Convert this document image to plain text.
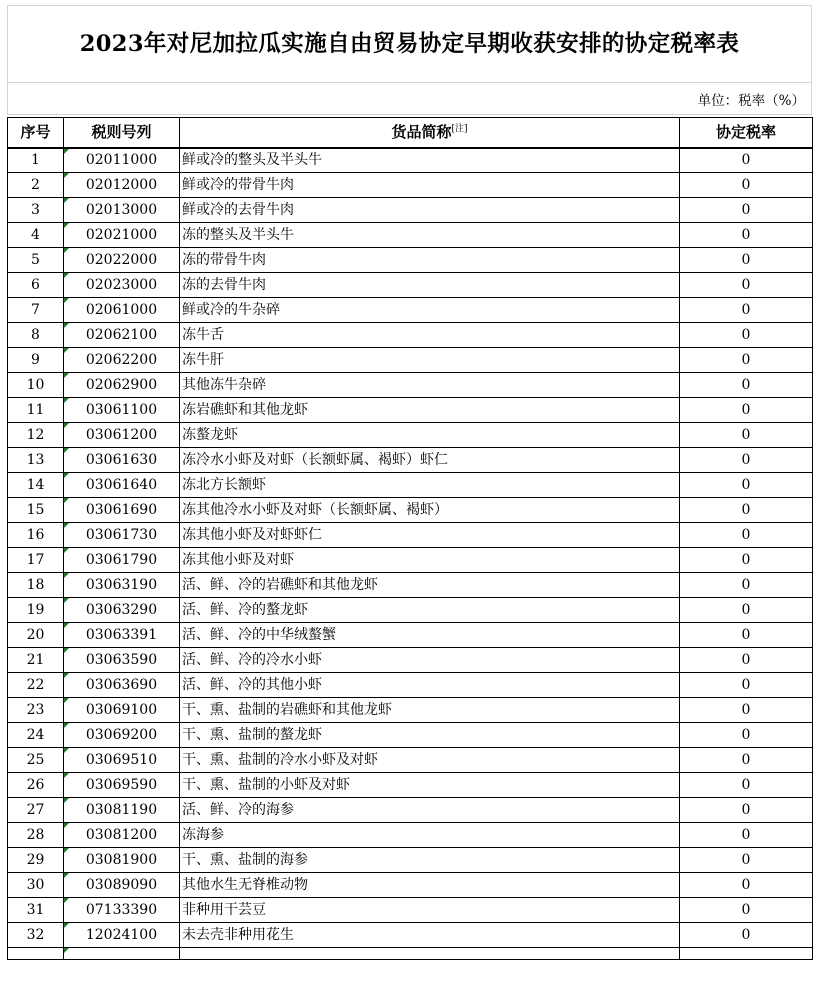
2023年对尼加拉瓜实施自由贸易协定早期收获安排的协定税率表
单位：税率（%）
序号	税则号列	货品简称[注]	协定税率
1	02011000	鲜或冷的整头及半头牛	0
2	02012000	鲜或冷的带骨牛肉	0
3	02013000	鲜或冷的去骨牛肉	0
4	02021000	冻的整头及半头牛	0
5	02022000	冻的带骨牛肉	0
6	02023000	冻的去骨牛肉	0
7	02061000	鲜或冷的牛杂碎	0
8	02062100	冻牛舌	0
9	02062200	冻牛肝	0
10	02062900	其他冻牛杂碎	0
11	03061100	冻岩礁虾和其他龙虾	0
12	03061200	冻螯龙虾	0
13	03061630	冻冷水小虾及对虾（长额虾属、褐虾）虾仁	0
14	03061640	冻北方长额虾	0
15	03061690	冻其他冷水小虾及对虾（长额虾属、褐虾）	0
16	03061730	冻其他小虾及对虾虾仁	0
17	03061790	冻其他小虾及对虾	0
18	03063190	活、鲜、冷的岩礁虾和其他龙虾	0
19	03063290	活、鲜、冷的螯龙虾	0
20	03063391	活、鲜、冷的中华绒螯蟹	0
21	03063590	活、鲜、冷的冷水小虾	0
22	03063690	活、鲜、冷的其他小虾	0
23	03069100	干、熏、盐制的岩礁虾和其他龙虾	0
24	03069200	干、熏、盐制的螯龙虾	0
25	03069510	干、熏、盐制的冷水小虾及对虾	0
26	03069590	干、熏、盐制的小虾及对虾	0
27	03081190	活、鲜、冷的海参	0
28	03081200	冻海参	0
29	03081900	干、熏、盐制的海参	0
30	03089090	其他水生无脊椎动物	0
31	07133390	非种用干芸豆	0
32	12024100	未去壳非种用花生	0
